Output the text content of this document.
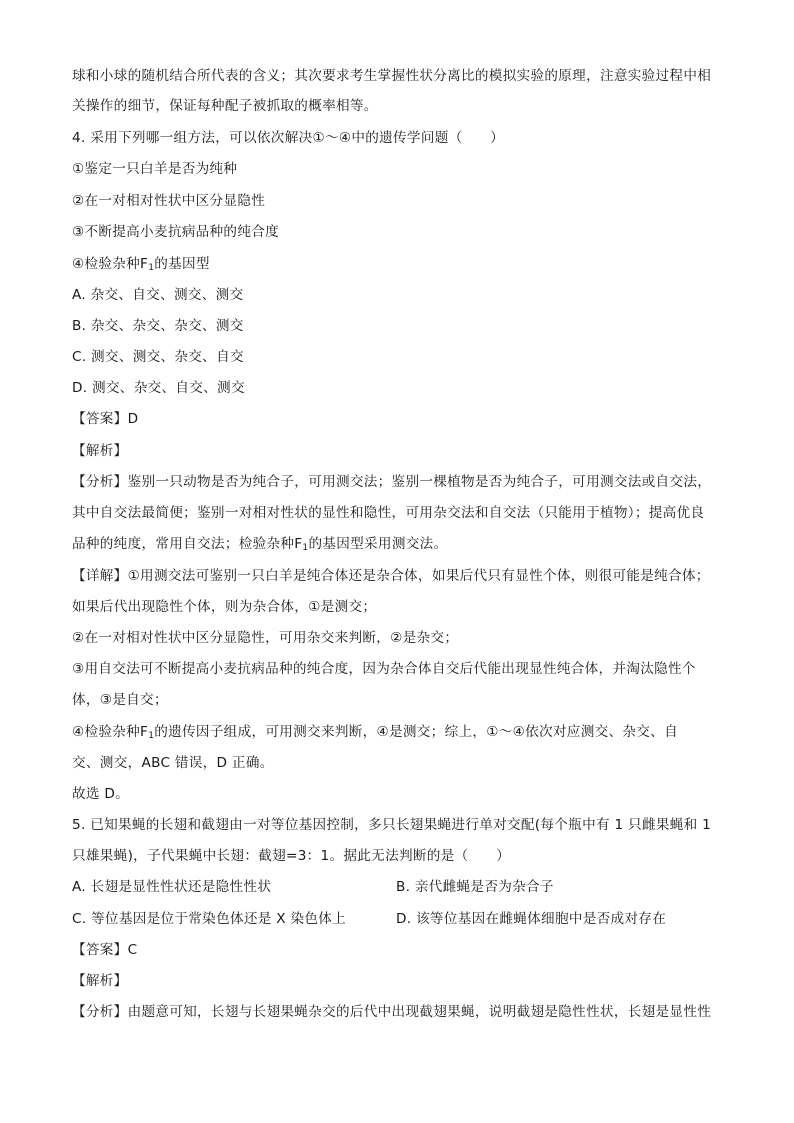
球和小球的随机结合所代表的含义；其次要求考生掌握性状分离比的模拟实验的原理，注意实验过程中相
关操作的细节，保证每种配子被抓取的概率相等。
4. 采用下列哪一组方法，可以依次解决①～④中的遗传学问题（　　）
①鉴定一只白羊是否为纯种
②在一对相对性状中区分显隐性
③不断提高小麦抗病品种的纯合度
④检验杂种$F_1$的基因型
A. 杂交、自交、测交、测交
B. 杂交、杂交、杂交、测交
C. 测交、测交、杂交、自交
D. 测交、杂交、自交、测交
【答案】D
【解析】
【分析】鉴别一只动物是否为纯合子，可用测交法；鉴别一棵植物是否为纯合子，可用测交法或自交法，
其中自交法最简便；鉴别一对相对性状的显性和隐性，可用杂交法和自交法（只能用于植物）；提高优良
品种的纯度，常用自交法；检验杂种$F_1$的基因型采用测交法。
【详解】①用测交法可鉴别一只白羊是纯合体还是杂合体，如果后代只有显性个体，则很可能是纯合体；
如果后代出现隐性个体，则为杂合体，①是测交；
②在一对相对性状中区分显隐性，可用杂交来判断，②是杂交；
③用自交法可不断提高小麦抗病品种的纯合度，因为杂合体自交后代能出现显性纯合体，并淘汰隐性个
体，③是自交；
④检验杂种$F_1$的遗传因子组成，可用测交来判断，④是测交；综上，①～④依次对应测交、杂交、自
交、测交，ABC 错误，D 正确。
故选 D。
5. 已知果蝇的长翅和截翅由一对等位基因控制，多只长翅果蝇进行单对交配(每个瓶中有 1 只雌果蝇和 1
只雄果蝇)，子代果蝇中长翅：截翅=3：1。据此无法判断的是（　　）
A. 长翅是显性性状还是隐性性状	B. 亲代雌蝇是否为杂合子
C. 等位基因是位于常染色体还是 X 染色体上	D. 该等位基因在雌蝇体细胞中是否成对存在
【答案】C
【解析】
【分析】由题意可知，长翅与长翅果蝇杂交的后代中出现截翅果蝇，说明截翅是隐性性状，长翅是显性性
